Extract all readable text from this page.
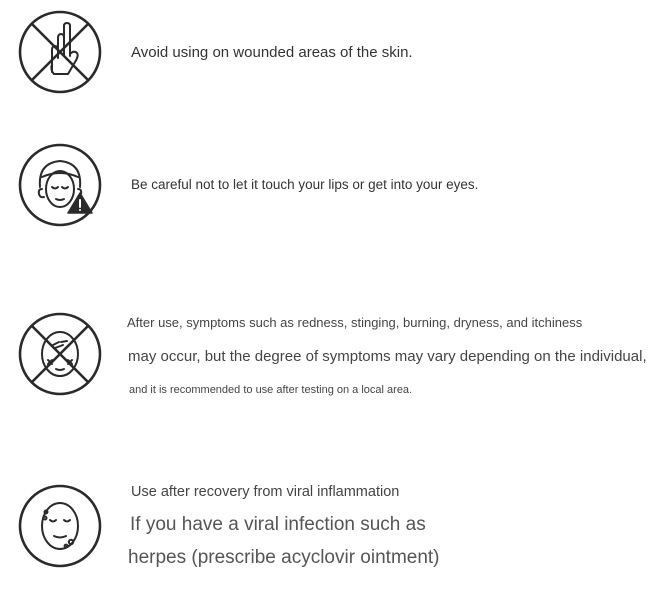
Avoid using on wounded areas of the skin.
Be careful not to let it touch your lips or get into your eyes.
After use, symptoms such as redness, stinging, burning, dryness, and itchiness
may occur, but the degree of symptoms may vary depending on the individual,
and it is recommended to use after testing on a local area.
Use after recovery from viral inflammation
If you have a viral infection such as
herpes (prescribe acyclovir ointment)
